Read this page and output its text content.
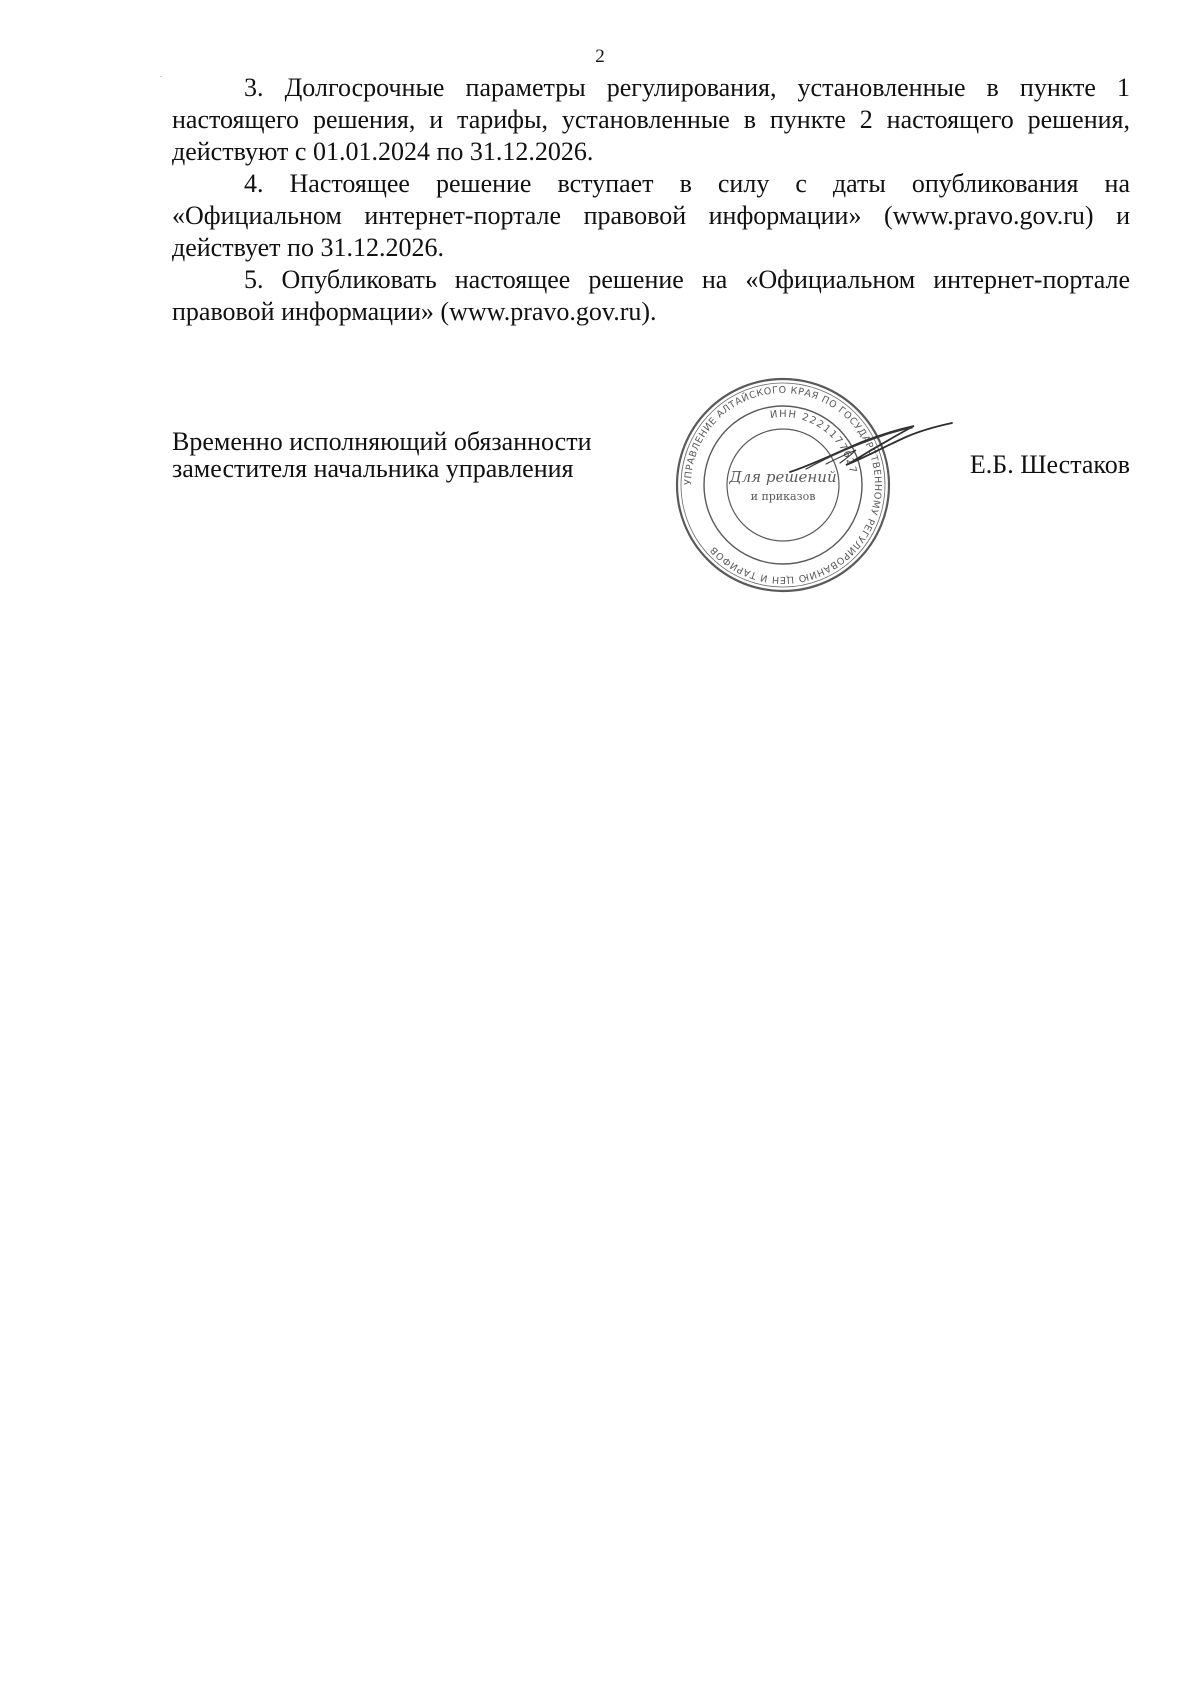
2

3. Долгосрочные параметры регулирования, установленные в пункте 1 настоящего решения, и тарифы, установленные в пункте 2 настоящего решения, действуют с 01.01.2024 по 31.12.2026.

4. Настоящее решение вступает в силу с даты опубликования на «Официальном интернет-портале правовой информации» (www.pravo.gov.ru) и действует по 31.12.2026.

5. Опубликовать настоящее решение на «Официальном интернет-портале правовой информации» (www.pravo.gov.ru).

Временно исполняющий обязанности
заместителя начальника управления	Е.Б. Шестаков
УПРАВЛЕНИЕ АЛТАЙСКОГО КРАЯ ПО ГОСУДАРСТВЕННОМУ РЕГУЛИРОВАНИЮ ЦЕН И ТАРИФОВ
ИНН 2221177627
Для решений
и приказов
